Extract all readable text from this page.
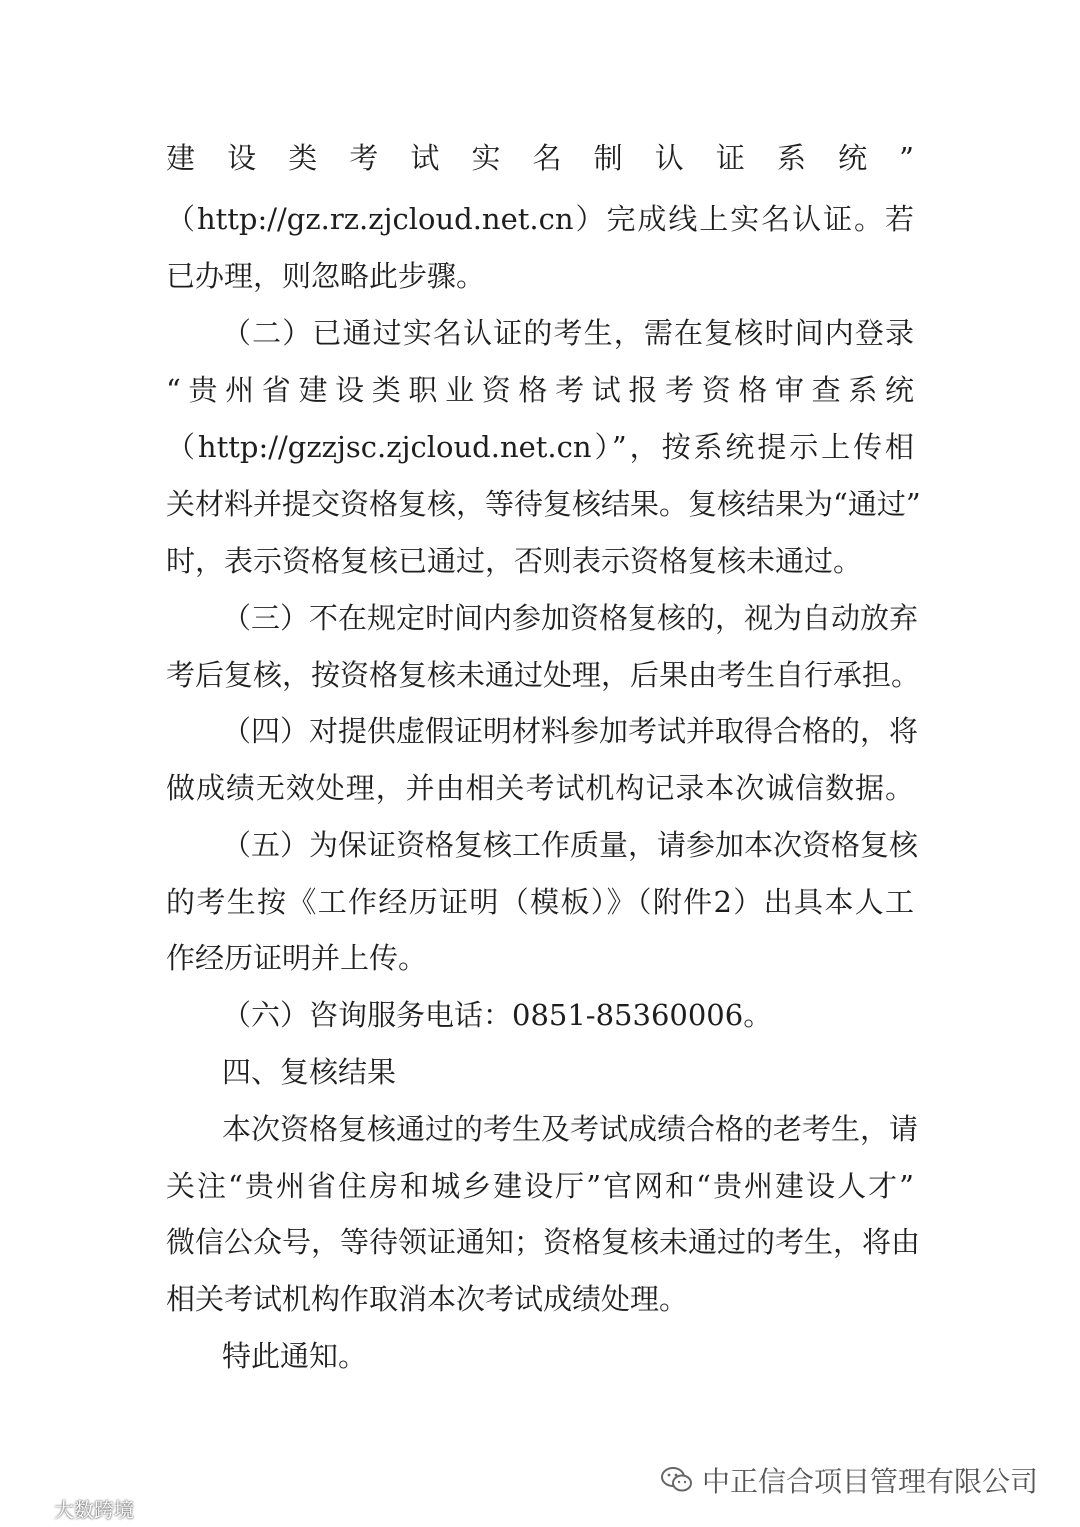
建 设 类 考 试 实 名 制 认 证 系 统 ”
（http://gz.rz.zjcloud.net.cn）完成线上实名认证。若
已办理，则忽略此步骤。
（二）已通过实名认证的考生，需在复核时间内登录
“贵州省建设类职业资格考试报考资格审查系统
（http://gzzjsc.zjcloud.net.cn）”，按系统提示上传相
关材料并提交资格复核，等待复核结果。复核结果为“通过”
时，表示资格复核已通过，否则表示资格复核未通过。
（三）不在规定时间内参加资格复核的，视为自动放弃
考后复核，按资格复核未通过处理，后果由考生自行承担。
（四）对提供虚假证明材料参加考试并取得合格的，将
做成绩无效处理，并由相关考试机构记录本次诚信数据。
（五）为保证资格复核工作质量，请参加本次资格复核
的考生按《工作经历证明（模板）》（附件2）出具本人工
作经历证明并上传。
（六）咨询服务电话：0851-85360006。
四、复核结果
本次资格复核通过的考生及考试成绩合格的老考生，请
关注“贵州省住房和城乡建设厅”官网和“贵州建设人才”
微信公众号，等待领证通知；资格复核未通过的考生，将由
相关考试机构作取消本次考试成绩处理。
特此通知。
中正信合项目管理有限公司
大数跨境
